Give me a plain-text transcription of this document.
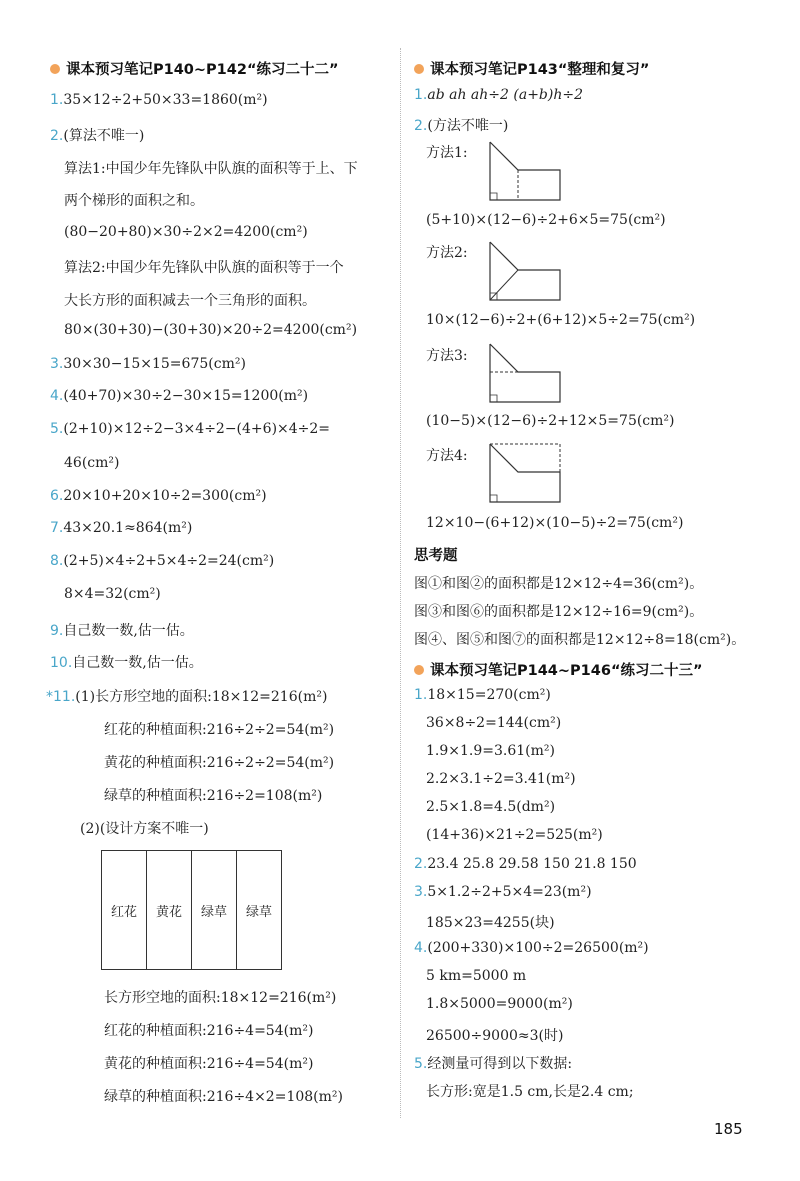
课本预习笔记P140~P142“练习二十二”
1.35×12÷2+50×33=1860(m²)
2.(算法不唯一)
算法1:中国少年先锋队中队旗的面积等于上、下
两个梯形的面积之和。
(80−20+80)×30÷2×2=4200(cm²)
算法2:中国少年先锋队中队旗的面积等于一个
大长方形的面积减去一个三角形的面积。
80×(30+30)−(30+30)×20÷2=4200(cm²)
3.30×30−15×15=675(cm²)
4.(40+70)×30÷2−30×15=1200(m²)
5.(2+10)×12÷2−3×4÷2−(4+6)×4÷2=
46(cm²)
6.20×10+20×10÷2=300(cm²)
7.43×20.1≈864(m²)
8.(2+5)×4÷2+5×4÷2=24(cm²)
8×4=32(cm²)
9.自己数一数,估一估。
10.自己数一数,估一估。
*11.(1)长方形空地的面积:18×12=216(m²)
红花的种植面积:216÷2÷2=54(m²)
黄花的种植面积:216÷2÷2=54(m²)
绿草的种植面积:216÷2=108(m²)
(2)(设计方案不唯一)
红花	黄花	绿草	绿草
长方形空地的面积:18×12=216(m²)
红花的种植面积:216÷4=54(m²)
黄花的种植面积:216÷4=54(m²)
绿草的种植面积:216÷4×2=108(m²)
课本预习笔记P143“整理和复习”
1.ab ah ah÷2 (a+b)h÷2
2.(方法不唯一)
方法1:
(5+10)×(12−6)÷2+6×5=75(cm²)
方法2:
10×(12−6)÷2+(6+12)×5÷2=75(cm²)
方法3:
(10−5)×(12−6)÷2+12×5=75(cm²)
方法4:
12×10−(6+12)×(10−5)÷2=75(cm²)
思考题
图①和图②的面积都是12×12÷4=36(cm²)。
图③和图⑥的面积都是12×12÷16=9(cm²)。
图④、图⑤和图⑦的面积都是12×12÷8=18(cm²)。
课本预习笔记P144~P146“练习二十三”
1.18×15=270(cm²)
36×8÷2=144(cm²)
1.9×1.9=3.61(m²)
2.2×3.1÷2=3.41(m²)
2.5×1.8=4.5(dm²)
(14+36)×21÷2=525(m²)
2.23.4 25.8 29.58 150 21.8 150
3.5×1.2÷2+5×4=23(m²)
185×23=4255(块)
4.(200+330)×100÷2=26500(m²)
5 km=5000 m
1.8×5000=9000(m²)
26500÷9000≈3(时)
5.经测量可得到以下数据:
长方形:宽是1.5 cm,长是2.4 cm;
185
